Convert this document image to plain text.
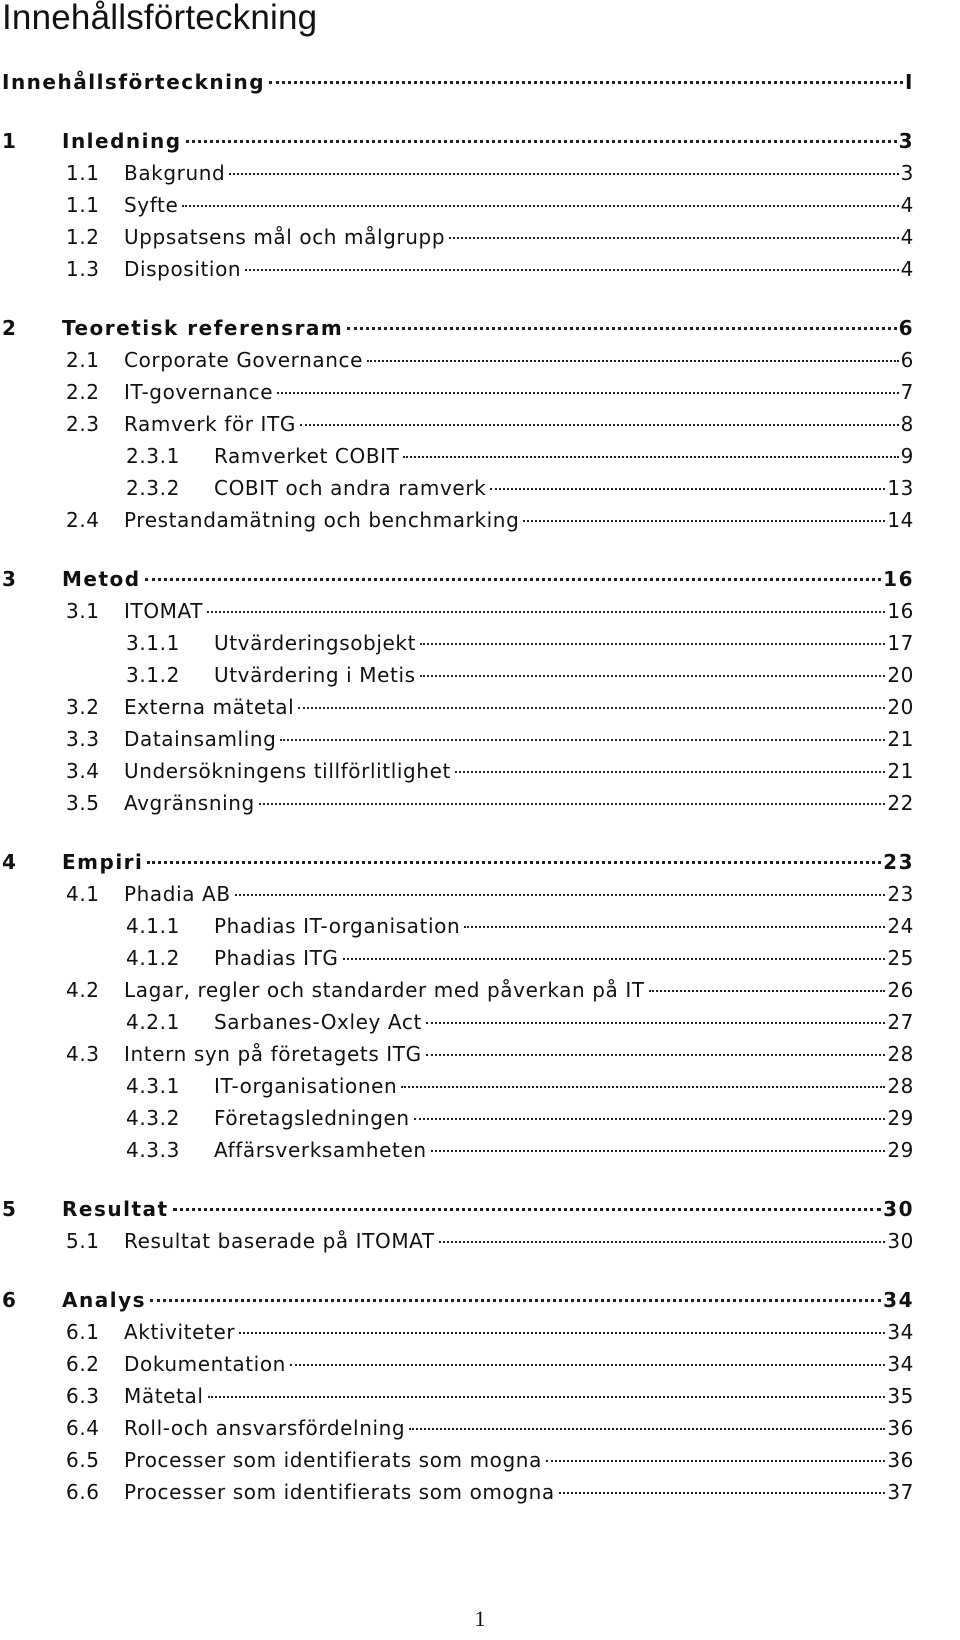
Innehållsförteckning
Innehållsförteckning	I
1 Inledning	3
1.1 Bakgrund	3
1.1 Syfte	4
1.2 Uppsatsens mål och målgrupp	4
1.3 Disposition	4
2 Teoretisk referensram	6
2.1 Corporate Governance	6
2.2 IT-governance	7
2.3 Ramverk för ITG	8
2.3.1 Ramverket COBIT	9
2.3.2 COBIT och andra ramverk	13
2.4 Prestandamätning och benchmarking	14
3 Metod	16
3.1 ITOMAT	16
3.1.1 Utvärderingsobjekt	17
3.1.2 Utvärdering i Metis	20
3.2 Externa mätetal	20
3.3 Datainsamling	21
3.4 Undersökningens tillförlitlighet	21
3.5 Avgränsning	22
4 Empiri	23
4.1 Phadia AB	23
4.1.1 Phadias IT-organisation	24
4.1.2 Phadias ITG	25
4.2 Lagar, regler och standarder med påverkan på IT	26
4.2.1 Sarbanes-Oxley Act	27
4.3 Intern syn på företagets ITG	28
4.3.1 IT-organisationen	28
4.3.2 Företagsledningen	29
4.3.3 Affärsverksamheten	29
5 Resultat	30
5.1 Resultat baserade på ITOMAT	30
6 Analys	34
6.1 Aktiviteter	34
6.2 Dokumentation	34
6.3 Mätetal	35
6.4 Roll-och ansvarsfördelning	36
6.5 Processer som identifierats som mogna	36
6.6 Processer som identifierats som omogna	37
1
